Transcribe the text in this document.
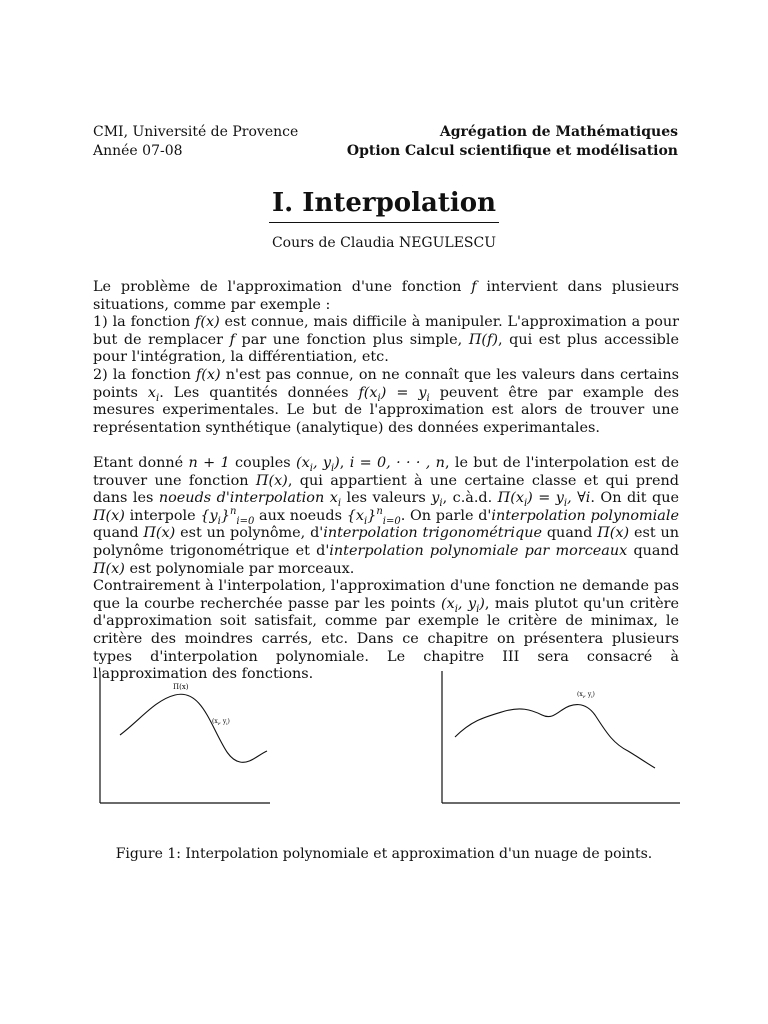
CMI, Université de Provence
Année 07-08
Agrégation de Mathématiques
Option Calcul scientifique et modélisation
I. Interpolation
Cours de Claudia NEGULESCU

Le problème de l'approximation d'une fonction f intervient dans plusieurs situations, comme par exemple :
1) la fonction f(x) est connue, mais difficile à manipuler. L'approximation a pour but de remplacer f par une fonction plus simple, Π(f), qui est plus accessible pour l'intégration, la différentiation, etc.
2) la fonction f(x) n'est pas connue, on ne connaît que les valeurs dans certains points $x_i$. Les quantités données $f(x_i) = y_i$ peuvent être par example des mesures experimentales. Le but de l'approximation est alors de trouver une représentation synthétique (analytique) des données experimantales.

Etant donné n + 1 couples ($x_i$, $y_i$), i = 0, · · · , n, le but de l'interpolation est de trouver une fonction Π(x), qui appartient à une certaine classe et qui prend dans les noeuds d'interpolation $x_i$ les valeurs $y_i$, c.à.d. $\Pi(x_i) = y_i$, ∀i. On dit que Π(x) interpole $\{y_i\}^n_{i=0}$ aux noeuds $\{x_i\}^n_{i=0}$. On parle d'interpolation polynomiale quand Π(x) est un polynôme, d'interpolation trigonométrique quand Π(x) est un polynôme trigonométrique et d'interpolation polynomiale par morceaux quand Π(x) est polynomiale par morceaux.
Contrairement à l'interpolation, l'approximation d'une fonction ne demande pas que la courbe recherchée passe par les points ($x_i$, $y_i$), mais plutot qu'un critère d'approximation soit satisfait, comme par exemple le critère de minimax, le critère des moindres carrés, etc. Dans ce chapitre on présentera plusieurs types d'interpolation polynomiale. Le chapitre III sera consacré à l'approximation des fonctions.

Π(x)
($x_i$, $y_i$)
($x_i$, $y_i$)
Figure 1: Interpolation polynomiale et approximation d'un nuage de points.
